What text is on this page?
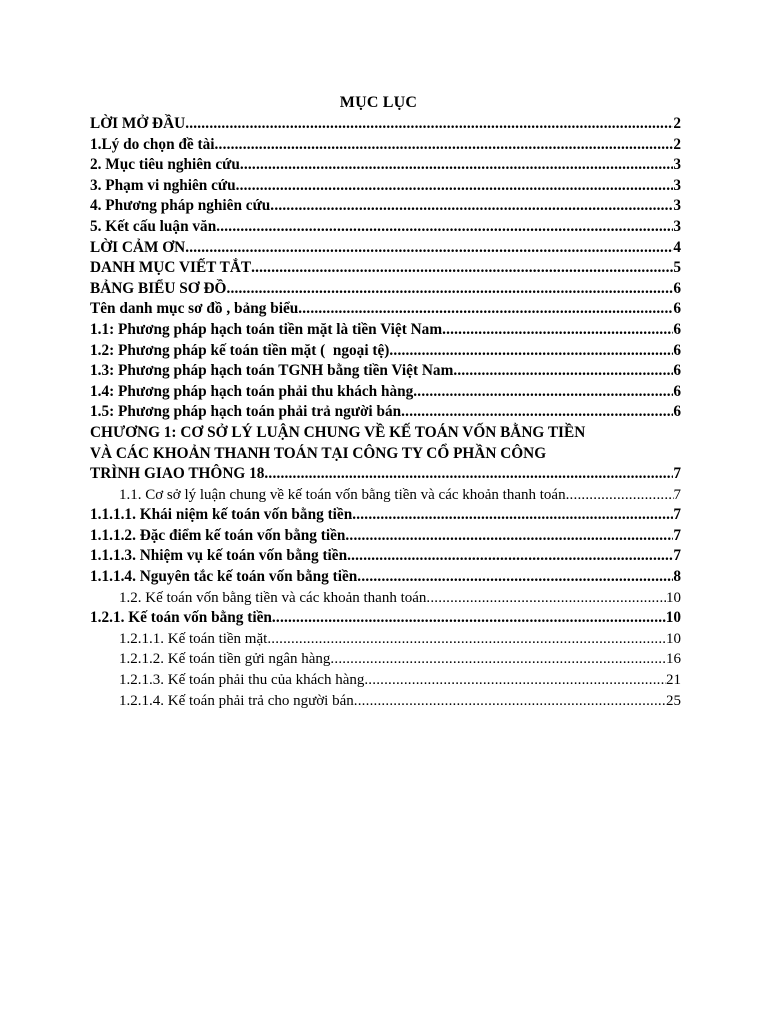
MỤC LỤC
LỜI MỞ ĐẦU .....	2
1.Lý do chọn đề tài .....	2
2. Mục tiêu nghiên cứu .....	3
3. Phạm vi nghiên cứu .....	3
4. Phương pháp nghiên cứu .....	3
5. Kết cấu luận văn .....	3
LỜI CẢM ƠN .....	4
DANH MỤC VIẾT TẮT .....	5
BẢNG BIỂU SƠ ĐỒ .....	6
Tên danh mục sơ đồ , bảng biểu .....	6
1.1: Phương pháp hạch toán tiền mặt là tiền Việt Nam .....	6
1.2: Phương pháp kế toán tiền mặt (  ngoại tệ) .....	6
1.3: Phương pháp hạch toán TGNH bằng tiền Việt Nam .....	6
1.4: Phương pháp hạch toán phải thu khách hàng .....	6
1.5: Phương pháp hạch toán phải trả người bán .....	6
CHƯƠNG 1: CƠ SỞ LÝ LUẬN CHUNG VỀ KẾ TOÁN VỐN BẰNG TIỀN
VÀ CÁC KHOẢN THANH TOÁN TẠI CÔNG TY CỔ PHẦN CÔNG
TRÌNH GIAO THÔNG 18 .....	7
1.1. Cơ sở lý luận chung về kế toán vốn bằng tiền và các khoản thanh toán .....	7
1.1.1.1. Khái niệm kế toán vốn bằng tiền .....	7
1.1.1.2. Đặc điểm kế toán vốn bằng tiền .....	7
1.1.1.3. Nhiệm vụ kế toán vốn bằng tiền .....	7
1.1.1.4. Nguyên tắc kế toán vốn bằng tiền .....	8
1.2. Kế toán vốn bằng tiền và các khoản thanh toán .....	10
1.2.1. Kế toán vốn bằng tiền .....	10
1.2.1.1. Kế toán tiền mặt .....	10
1.2.1.2. Kế toán tiền gửi ngân hàng .....	16
1.2.1.3. Kế toán phải thu của khách hàng .....	21
1.2.1.4. Kế toán phải trả cho người bán .....	25
